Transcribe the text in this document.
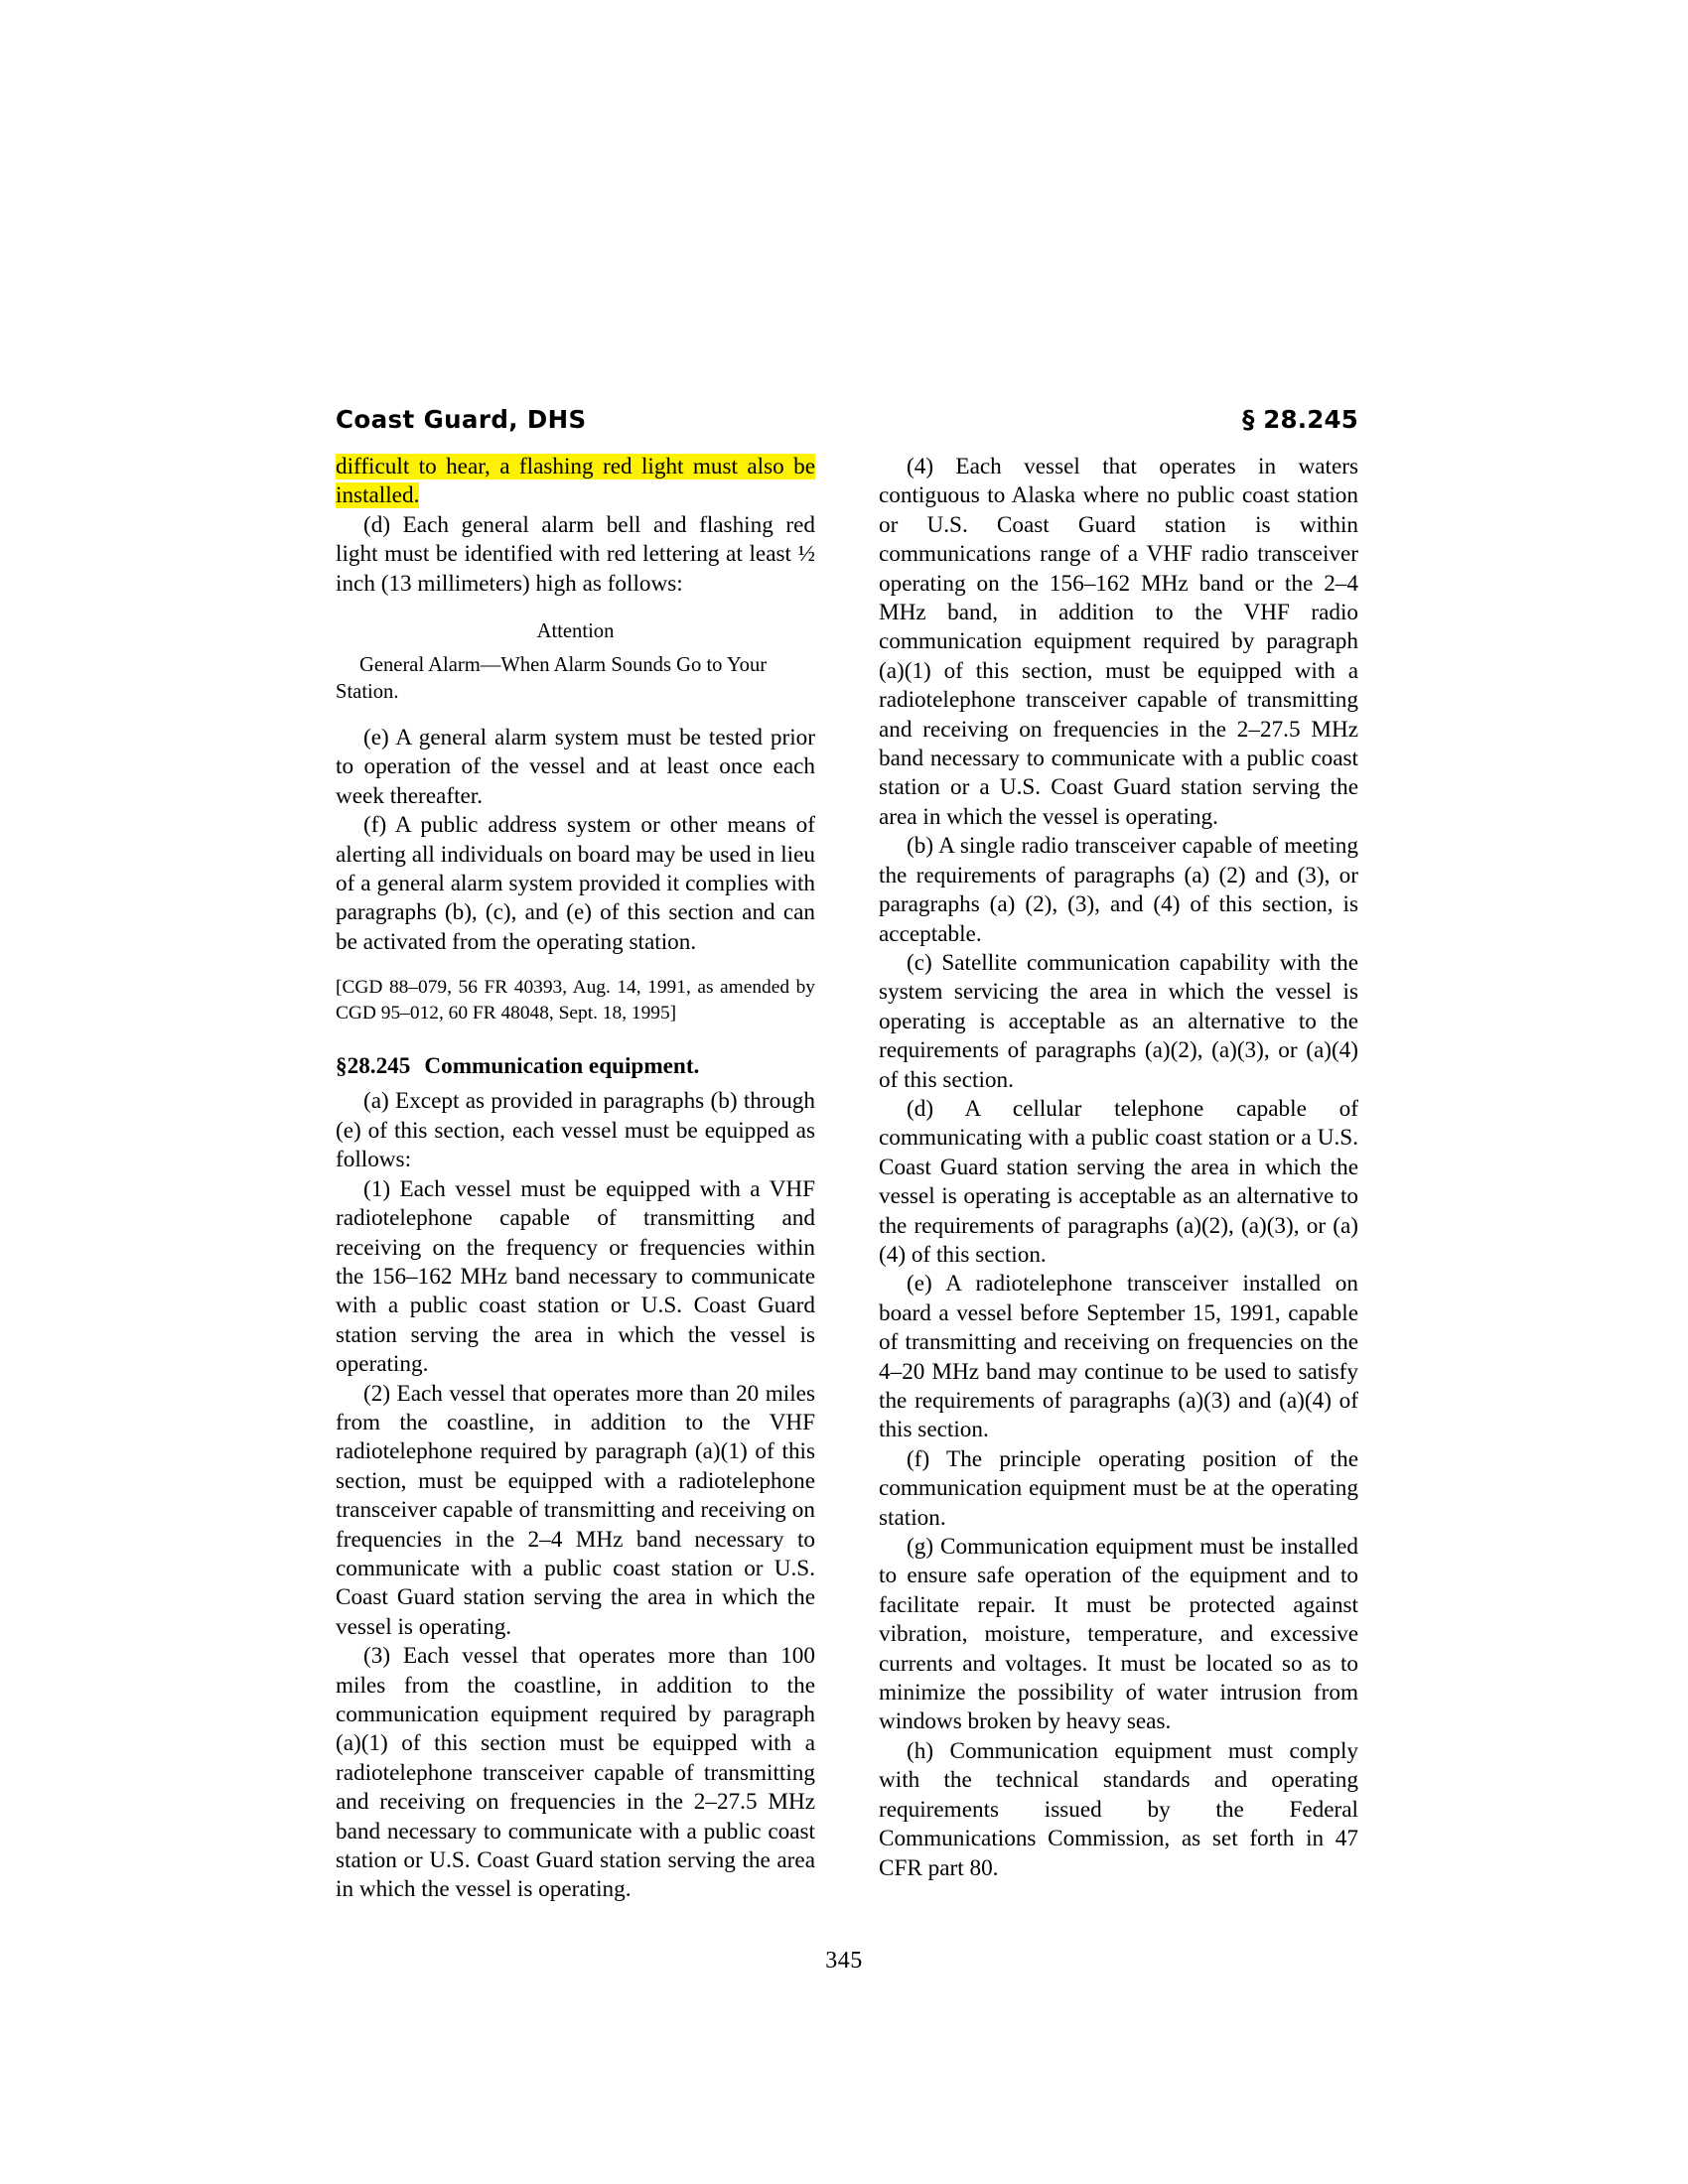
Coast Guard, DHS	§ 28.245

difficult to hear, a flashing red light must also be installed.

(d) Each general alarm bell and flashing red light must be identified with red lettering at least ½ inch (13 millimeters) high as follows:

Attention

General Alarm—When Alarm Sounds Go to Your Station.

(e) A general alarm system must be tested prior to operation of the vessel and at least once each week thereafter.

(f) A public address system or other means of alerting all individuals on board may be used in lieu of a general alarm system provided it complies with paragraphs (b), (c), and (e) of this section and can be activated from the operating station.

[CGD 88–079, 56 FR 40393, Aug. 14, 1991, as amended by CGD 95–012, 60 FR 48048, Sept. 18, 1995]

§28.245 Communication equipment.

(a) Except as provided in paragraphs (b) through (e) of this section, each vessel must be equipped as follows:

(1) Each vessel must be equipped with a VHF radiotelephone capable of transmitting and receiving on the frequency or frequencies within the 156–162 MHz band necessary to communicate with a public coast station or U.S. Coast Guard station serving the area in which the vessel is operating.

(2) Each vessel that operates more than 20 miles from the coastline, in addition to the VHF radiotelephone required by paragraph (a)(1) of this section, must be equipped with a radiotelephone transceiver capable of transmitting and receiving on frequencies in the 2–4 MHz band necessary to communicate with a public coast station or U.S. Coast Guard station serving the area in which the vessel is operating.

(3) Each vessel that operates more than 100 miles from the coastline, in addition to the communication equipment required by paragraph (a)(1) of this section must be equipped with a radiotelephone transceiver capable of transmitting and receiving on frequencies in the 2–27.5 MHz band necessary to communicate with a public coast station or U.S. Coast Guard station serving the area in which the vessel is operating.

(4) Each vessel that operates in waters contiguous to Alaska where no public coast station or U.S. Coast Guard station is within communications range of a VHF radio transceiver operating on the 156–162 MHz band or the 2–4 MHz band, in addition to the VHF radio communication equipment required by paragraph (a)(1) of this section, must be equipped with a radiotelephone transceiver capable of transmitting and receiving on frequencies in the 2–27.5 MHz band necessary to communicate with a public coast station or a U.S. Coast Guard station serving the area in which the vessel is operating.

(b) A single radio transceiver capable of meeting the requirements of paragraphs (a) (2) and (3), or paragraphs (a) (2), (3), and (4) of this section, is acceptable.

(c) Satellite communication capability with the system servicing the area in which the vessel is operating is acceptable as an alternative to the requirements of paragraphs (a)(2), (a)(3), or (a)(4) of this section.

(d) A cellular telephone capable of communicating with a public coast station or a U.S. Coast Guard station serving the area in which the vessel is operating is acceptable as an alternative to the requirements of paragraphs (a)(2), (a)(3), or (a)(4) of this section.

(e) A radiotelephone transceiver installed on board a vessel before September 15, 1991, capable of transmitting and receiving on frequencies on the 4–20 MHz band may continue to be used to satisfy the requirements of paragraphs (a)(3) and (a)(4) of this section.

(f) The principle operating position of the communication equipment must be at the operating station.

(g) Communication equipment must be installed to ensure safe operation of the equipment and to facilitate repair. It must be protected against vibration, moisture, temperature, and excessive currents and voltages. It must be located so as to minimize the possibility of water intrusion from windows broken by heavy seas.

(h) Communication equipment must comply with the technical standards and operating requirements issued by the Federal Communications Commission, as set forth in 47 CFR part 80.

345
